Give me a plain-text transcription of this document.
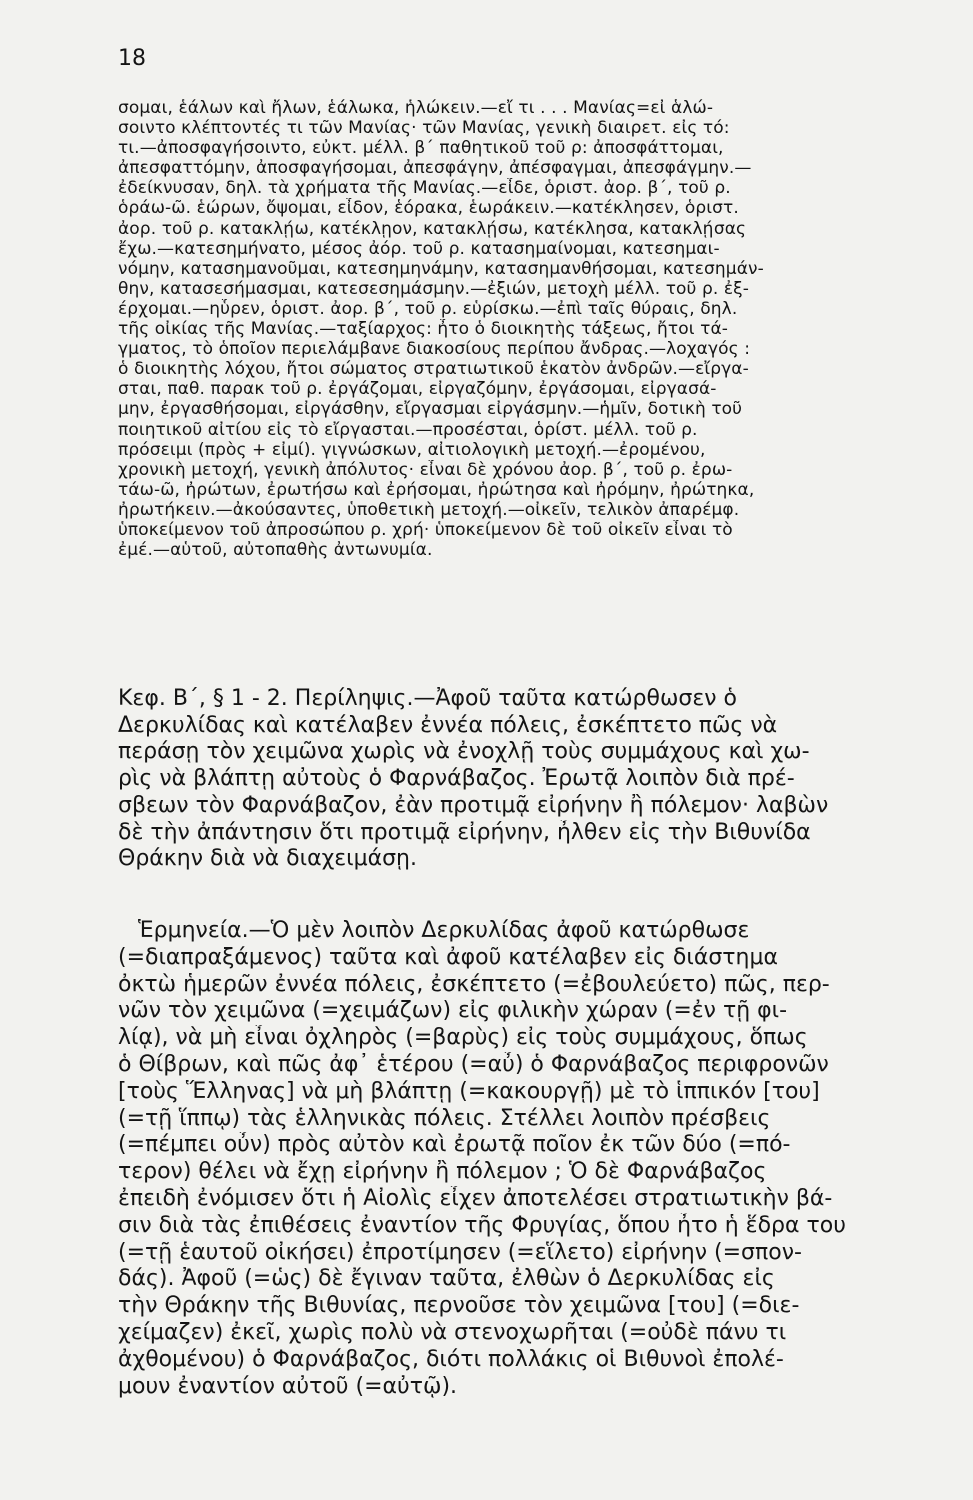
18

σομαι, ἑάλων καὶ ἤλων, ἑάλωκα, ἡλώκειν.—εἴ τι . . . Μανίας=εἰ ἁλώ-

σοιντο κλέπτοντές τι τῶν Μανίας· τῶν Μανίας, γενικὴ διαιρετ. εἰς τό:

τι.—ἀποσφαγήσοιντο, εὐκτ. μέλλ. β΄ παθητικοῦ τοῦ ρ: ἀποσφάττομαι,

ἀπεσφαττόμην, ἀποσφαγήσομαι, ἀπεσφάγην, ἀπέσφαγμαι, ἀπεσφάγμην.—

ἐδείκνυσαν, δηλ. τὰ χρήματα τῆς Μανίας.—εἶδε, ὁριστ. ἀορ. β΄, τοῦ ρ.

ὁράω-ῶ. ἑώρων, ὄψομαι, εἶδον, ἑόρακα, ἑωράκειν.—κατέκλησεν, ὁριστ.

ἀορ. τοῦ ρ. κατακλῄω, κατέκλῃον, κατακλῄσω, κατέκλησα, κατακλῄσας

ἔχω.—κατεσημήνατο, μέσος ἀόρ. τοῦ ρ. κατασημαίνομαι, κατεσημαι-

νόμην, κατασημανοῦμαι, κατεσημηνάμην, κατασημανθήσομαι, κατεσημάν-

θην, κατασεσήμασμαι, κατεσεσημάσμην.—ἐξιών, μετοχὴ μέλλ. τοῦ ρ. ἐξ-

έρχομαι.—ηὗρεν, ὁριστ. ἀορ. β΄, τοῦ ρ. εὑρίσκω.—ἐπὶ ταῖς θύραις, δηλ.

τῆς οἰκίας τῆς Μανίας.—ταξίαρχος: ἦτο ὁ διοικητὴς τάξεως, ἤτοι τά-

γματος, τὸ ὁποῖον περιελάμβανε διακοσίους περίπου ἄνδρας.—λοχαγός :

ὁ διοικητὴς λόχου, ἤτοι σώματος στρατιωτικοῦ ἑκατὸν ἀνδρῶν.—εἴργα-

σται, παθ. παρακ τοῦ ρ. ἐργάζομαι, εἰργαζόμην, ἐργάσομαι, εἰργασά-

μην, ἐργασθήσομαι, εἰργάσθην, εἴργασμαι εἰργάσμην.—ἡμῖν, δοτικὴ τοῦ

ποιητικοῦ αἰτίου εἰς τὸ εἴργασται.—προσέσται, ὁρίστ. μέλλ. τοῦ ρ.

πρόσειμι (πρὸς + εἰμί). γιγνώσκων, αἰτιολογικὴ μετοχή.—ἐρομένου,

χρονικὴ μετοχή, γενικὴ ἀπόλυτος· εἶναι δὲ χρόνου ἀορ. β΄, τοῦ ρ. ἐρω-

τάω-ῶ, ἠρώτων, ἐρωτήσω καὶ ἐρήσομαι, ἠρώτησα καὶ ἠρόμην, ἠρώτηκα,

ἠρωτήκειν.—ἀκούσαντες, ὑποθετικὴ μετοχή.—οἰκεῖν, τελικὸν ἀπαρέμφ.

ὑποκείμενον τοῦ ἀπροσώπου ρ. χρή· ὑποκείμενον δὲ τοῦ οἰκεῖν εἶναι τὸ

ἐμέ.—αὑτοῦ, αὐτοπαθὴς ἀντωνυμία.

Κεφ. Β΄, § 1 - 2. Περίληψις.—Ἀφοῦ ταῦτα κατώρθωσεν ὁ

Δερκυλίδας καὶ κατέλαβεν ἐννέα πόλεις, ἐσκέπτετο πῶς νὰ

περάσῃ τὸν χειμῶνα χωρὶς νὰ ἐνοχλῇ τοὺς συμμάχους καὶ χω-

ρὶς νὰ βλάπτῃ αὐτοὺς ὁ Φαρνάβαζος. Ἐρωτᾷ λοιπὸν διὰ πρέ-

σβεων τὸν Φαρνάβαζον, ἐὰν προτιμᾷ εἰρήνην ἢ πόλεμον· λαβὼν

δὲ τὴν ἀπάντησιν ὅτι προτιμᾷ εἰρήνην, ἦλθεν εἰς τὴν Βιθυνίδα

Θράκην διὰ νὰ διαχειμάσῃ.

Ἑρμηνεία.—Ὁ μὲν λοιπὸν Δερκυλίδας ἀφοῦ κατώρθωσε

(=διαπραξάμενος) ταῦτα καὶ ἀφοῦ κατέλαβεν εἰς διάστημα

ὀκτὼ ἡμερῶν ἐννέα πόλεις, ἐσκέπτετο (=ἐβουλεύετο) πῶς, περ-

νῶν τὸν χειμῶνα (=χειμάζων) εἰς φιλικὴν χώραν (=ἐν τῇ φι-

λίᾳ), νὰ μὴ εἶναι ὀχληρὸς (=βαρὺς) εἰς τοὺς συμμάχους, ὅπως

ὁ Θίβρων, καὶ πῶς ἀφ᾽ ἑτέρου (=αὖ) ὁ Φαρνάβαζος περιφρονῶν

[τοὺς Ἕλληνας] νὰ μὴ βλάπτῃ (=κακουργῇ) μὲ τὸ ἱππικόν [του]

(=τῇ ἵππῳ) τὰς ἑλληνικὰς πόλεις. Στέλλει λοιπὸν πρέσβεις

(=πέμπει οὖν) πρὸς αὐτὸν καὶ ἐρωτᾷ ποῖον ἐκ τῶν δύο (=πό-

τερον) θέλει νὰ ἔχῃ εἰρήνην ἢ πόλεμον ; Ὁ δὲ Φαρνάβαζος

ἐπειδὴ ἐνόμισεν ὅτι ἡ Αἰολὶς εἶχεν ἀποτελέσει στρατιωτικὴν βά-

σιν διὰ τὰς ἐπιθέσεις ἐναντίον τῆς Φρυγίας, ὅπου ἦτο ἡ ἕδρα του

(=τῇ ἑαυτοῦ οἰκήσει) ἐπροτίμησεν (=εἵλετο) εἰρήνην (=σπον-

δάς). Ἀφοῦ (=ὡς) δὲ ἔγιναν ταῦτα, ἐλθὼν ὁ Δερκυλίδας εἰς

τὴν Θράκην τῆς Βιθυνίας, περνοῦσε τὸν χειμῶνα [του] (=διε-

χείμαζεν) ἐκεῖ, χωρὶς πολὺ νὰ στενοχωρῆται (=οὐδὲ πάνυ τι

ἀχθομένου) ὁ Φαρνάβαζος, διότι πολλάκις οἱ Βιθυνοὶ ἐπολέ-

μουν ἐναντίον αὐτοῦ (=αὐτῷ).
